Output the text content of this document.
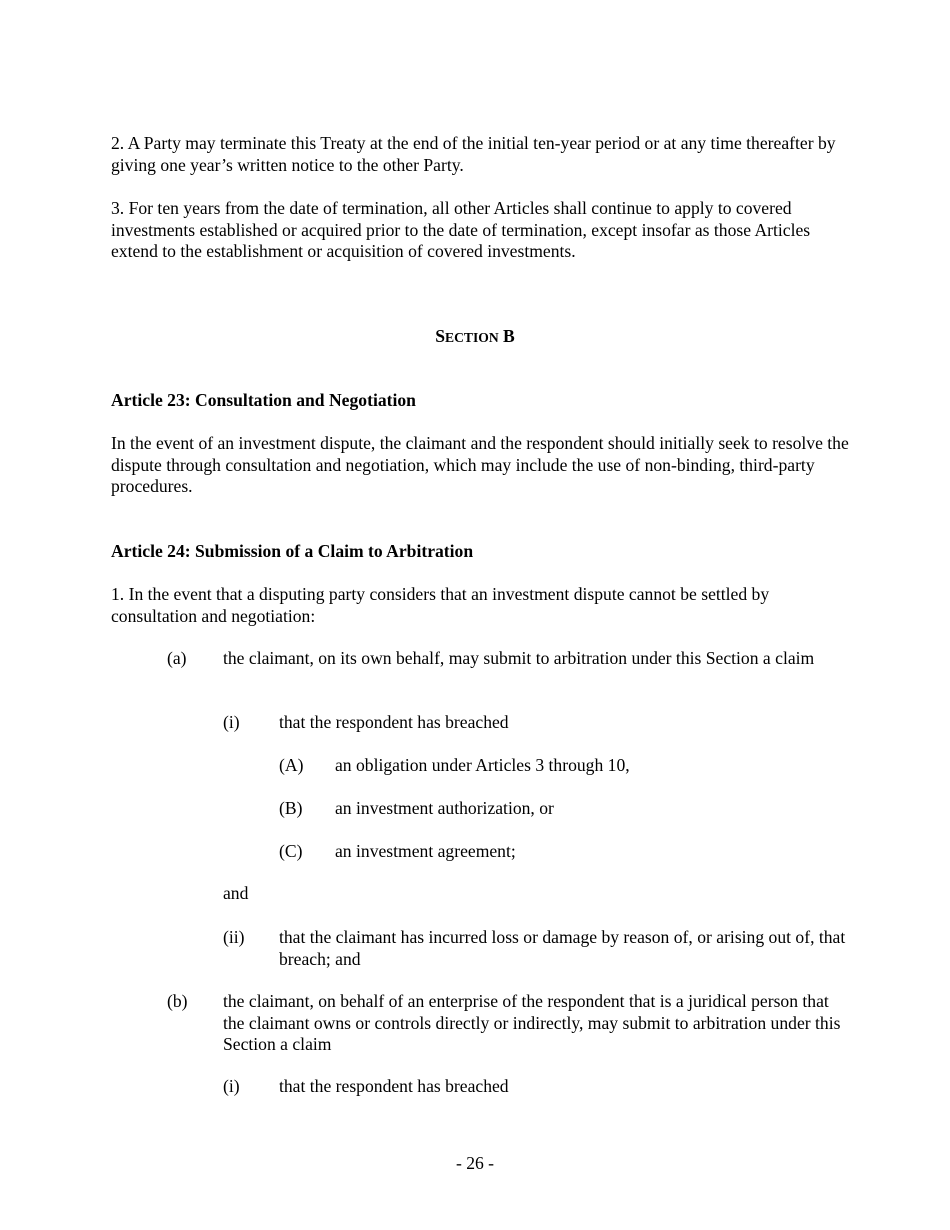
2. A Party may terminate this Treaty at the end of the initial ten-year period or at any time thereafter by giving one year’s written notice to the other Party.

3. For ten years from the date of termination, all other Articles shall continue to apply to covered investments established or acquired prior to the date of termination, except insofar as those Articles extend to the establishment or acquisition of covered investments.

SECTION B

Article 23: Consultation and Negotiation

In the event of an investment dispute, the claimant and the respondent should initially seek to resolve the dispute through consultation and negotiation, which may include the use of non-binding, third-party procedures.

Article 24: Submission of a Claim to Arbitration

1. In the event that a disputing party considers that an investment dispute cannot be settled by consultation and negotiation:

(a)	the claimant, on its own behalf, may submit to arbitration under this Section a claim
(i)	that the respondent has breached
(A)	an obligation under Articles 3 through 10,
(B)	an investment authorization, or
(C)	an investment agreement;

and

(ii)	that the claimant has incurred loss or damage by reason of, or arising out of, that breach; and
(b)	the claimant, on behalf of an enterprise of the respondent that is a juridical person that the claimant owns or controls directly or indirectly, may submit to arbitration under this Section a claim
(i)	that the respondent has breached

- 26 -
